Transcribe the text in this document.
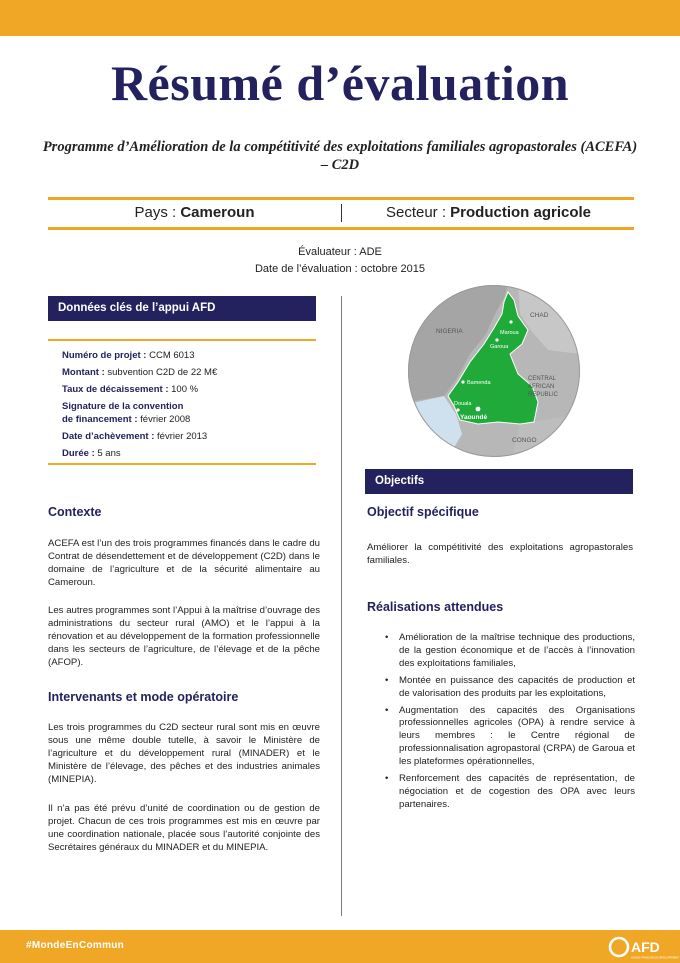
Résumé d’évaluation
Programme d’Amélioration de la compétitivité des exploitations familiales agropastorales (ACEFA) – C2D
Pays : Cameroun	Secteur : Production agricole
Évaluateur : ADE
Date de l’évaluation : octobre 2015
Données clés de l’appui AFD
Numéro de projet : CCM 6013
Montant : subvention C2D de 22 M€
Taux de décaissement : 100 %
Signature de la convention
de financement : février 2008
Date d’achèvement : février 2013
Durée : 5 ans
NIGERIA
CHAD
CENTRAL
AFRICAN
REPUBLIC
CONGO
Maroua
Garoua
Bamenda
Douala
Yaoundé
Contexte
ACEFA est l’un des trois programmes financés dans le cadre du Contrat de désendettement et de développement (C2D) dans le domaine de l’agriculture et de la sécurité alimentaire au Cameroun.
Les autres programmes sont l’Appui à la maîtrise d’ouvrage des administrations du secteur rural (AMO) et le l’appui à la rénovation et au développement de la formation professionnelle dans les secteurs de l’agriculture, de l’élevage et de la pêche (AFOP).
Intervenants et mode opératoire
Les trois programmes du C2D secteur rural sont mis en œuvre sous une même double tutelle, à savoir le Ministère de l’agriculture et du développement rural (MINADER) et le Ministère de l’élevage, des pêches et des industries animales (MINEPIA).
Il n’a pas été prévu d’unité de coordination ou de gestion de projet. Chacun de ces trois programmes est mis en œuvre par une coordination nationale, placée sous l’autorité conjointe des Secrétaires généraux du MINADER et du MINEPIA.
Objectifs
Objectif spécifique
Améliorer la compétitivité des exploitations agropastorales familiales.
Réalisations attendues
• Amélioration de la maîtrise technique des productions, de la gestion économique et de l’accès à l’innovation des exploitations familiales,
• Montée en puissance des capacités de production et de valorisation des produits par les exploitations,
• Augmentation des capacités des Organisations professionnelles agricoles (OPA) à rendre service à leurs membres : le Centre régional de professionnalisation agropastoral (CRPA) de Garoua et les plateformes opérationnelles,
• Renforcement des capacités de représentation, de négociation et de cogestion des OPA avec leurs partenaires.
#MondeEnCommun	AFD
AGENCE FRANÇAISE DE DÉVELOPPEMENT
